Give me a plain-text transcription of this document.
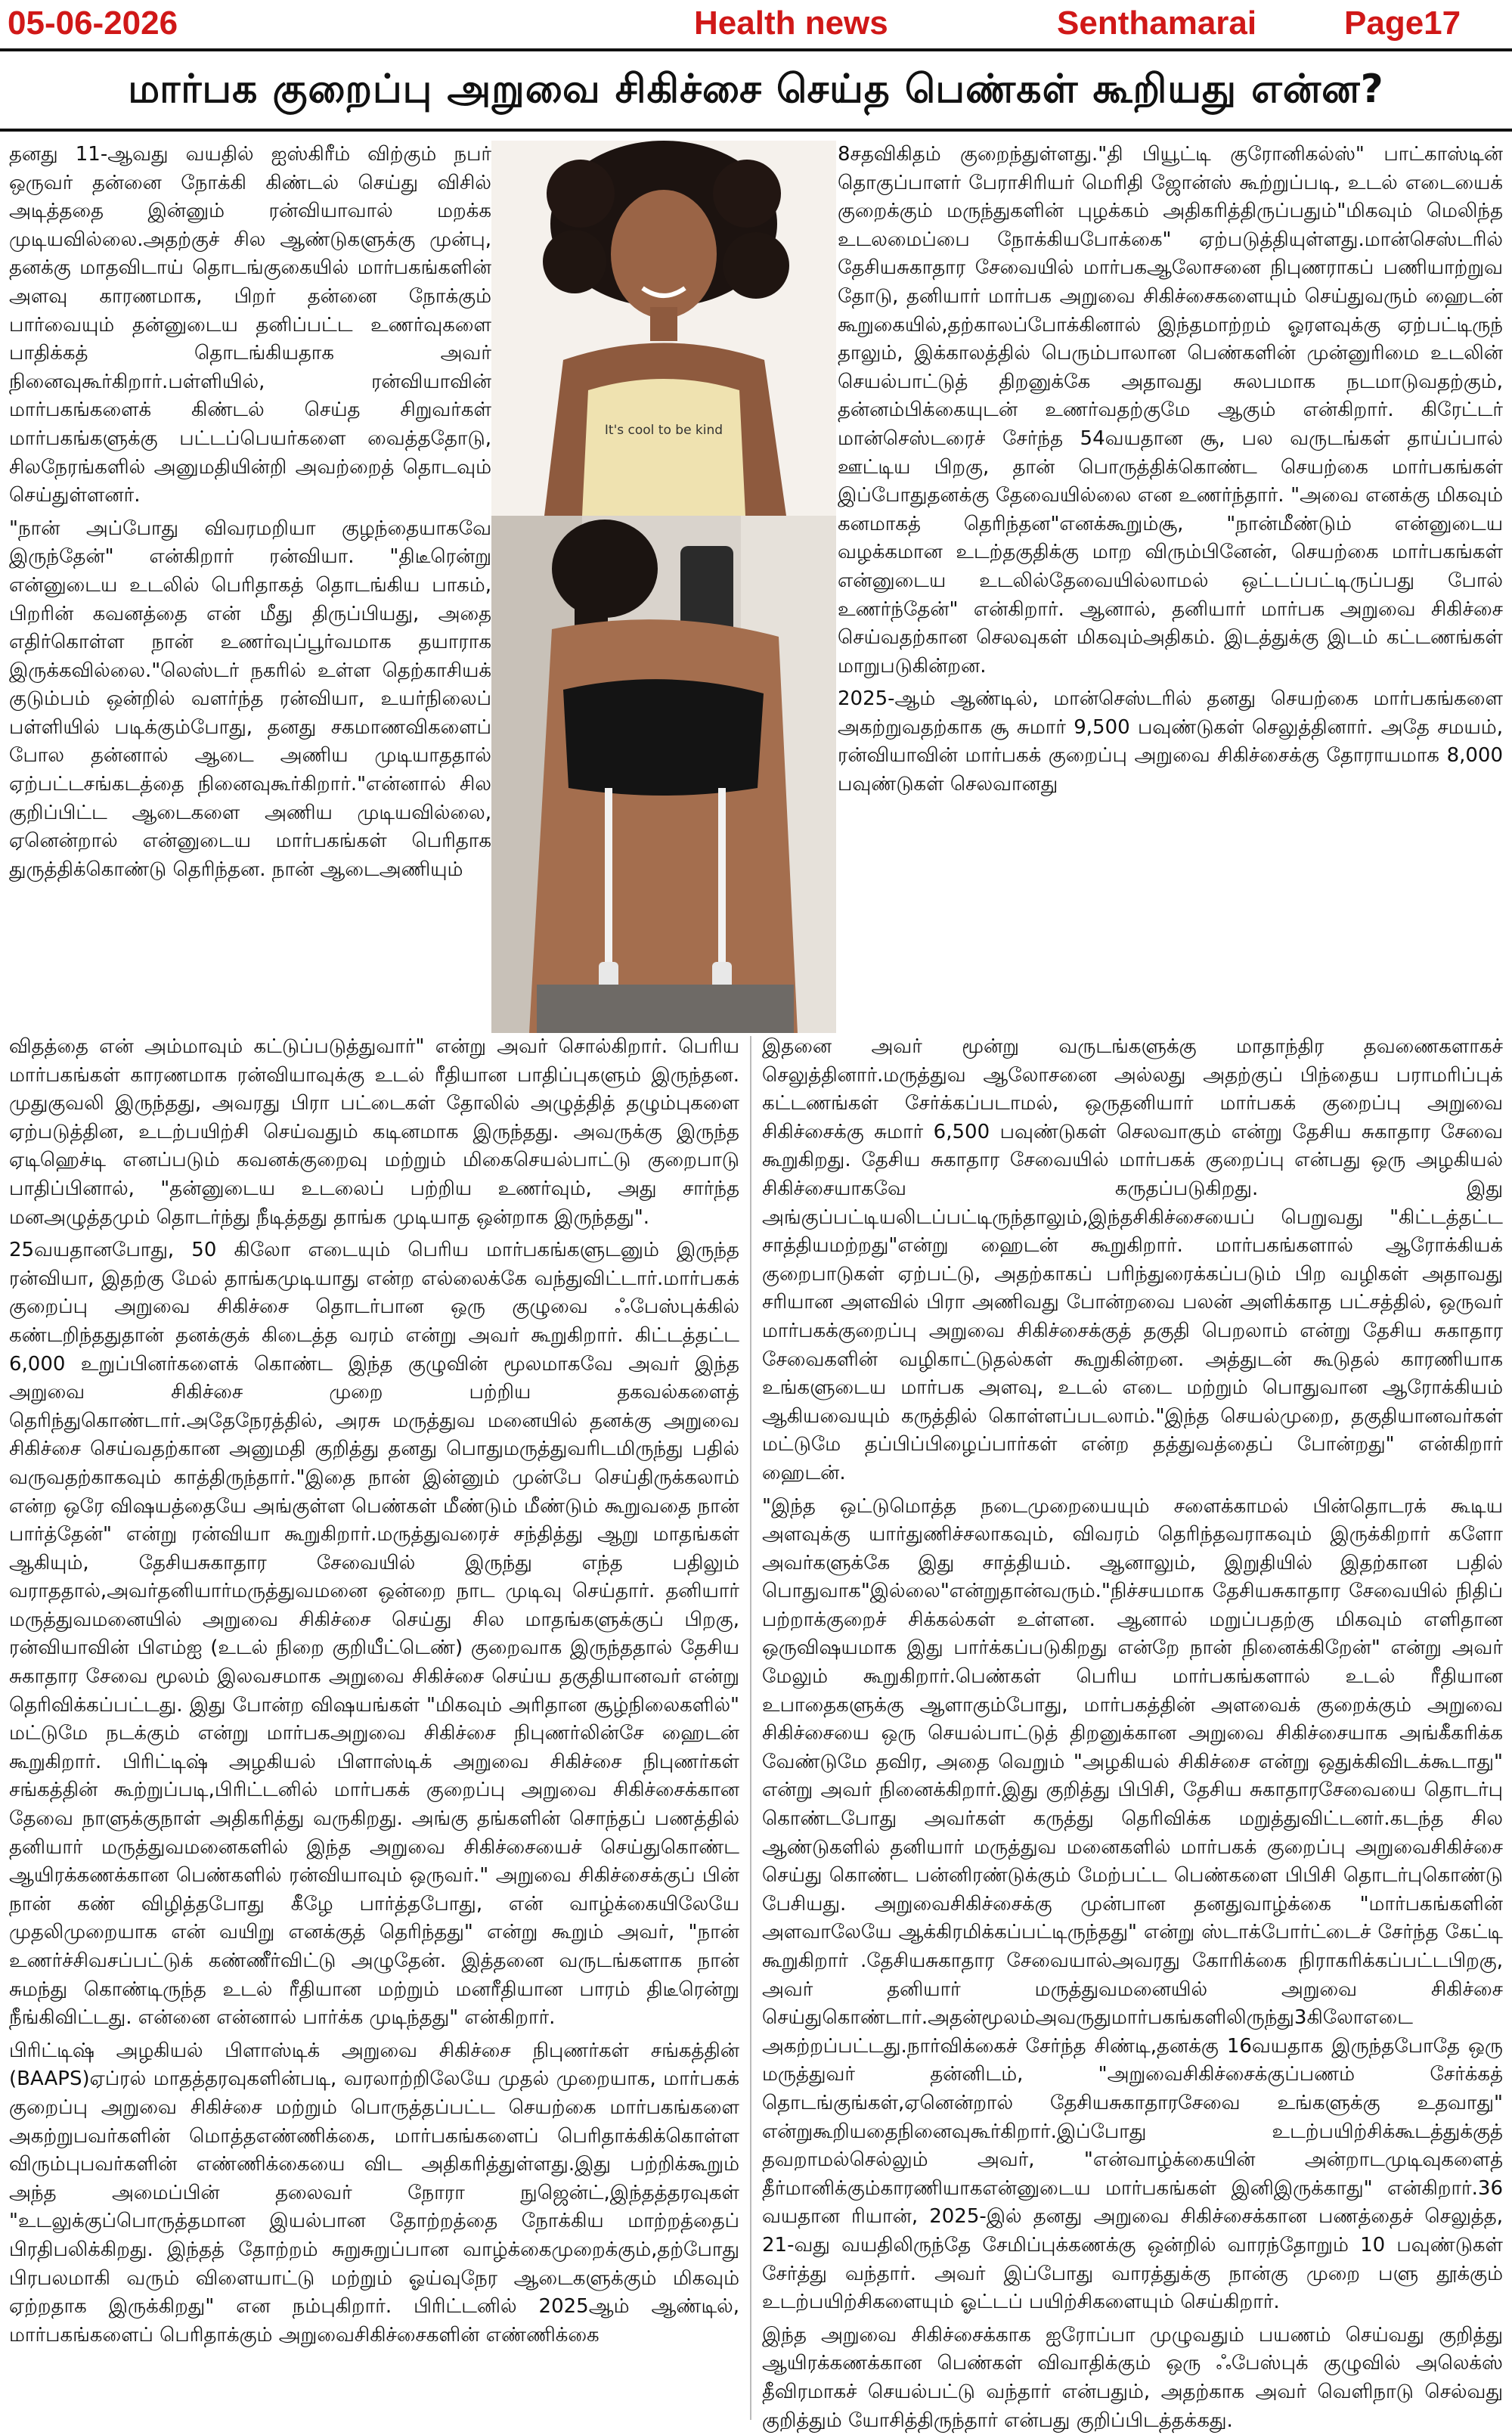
05-06-2026	Health news	Senthamarai	Page17
மார்பக குறைப்பு அறுவை சிகிச்சை செய்த பெண்கள் கூறியது என்ன?

தனது 11-ஆவது வயதில் ஐஸ்கிரீம் விற்கும் நபர் ஒருவர் தன்னை நோக்கி கிண்டல் செய்து விசில் அடித்ததை இன்னும் ரன்வியாவால் மறக்க முடியவில்லை.அதற்குச் சில ஆண்டுகளுக்கு முன்பு, தனக்கு மாதவிடாய் தொடங்குகையில் மார்பகங்களின் அளவு காரணமாக, பிறர் தன்னை நோக்கும் பார்வையும் தன்னுடைய தனிப்பட்ட உணர்வுகளை பாதிக்கத் தொடங்கியதாக அவர் நினைவுகூர்கிறார்.பள்ளியில், ரன்வியாவின் மார்பகங்களைக் கிண்டல் செய்த சிறுவர்கள் மார்பகங்களுக்கு பட்டப்பெயர்களை வைத்ததோடு, சிலநேரங்களில் அனுமதியின்றி அவற்றைத் தொடவும் செய்துள்ளனர்.

"நான் அப்போது விவரமறியா குழந்தையாகவே இருந்தேன்" என்கிறார் ரன்வியா. "திடீரென்று என்னுடைய உடலில் பெரிதாகத் தொடங்கிய பாகம், பிறரின் கவனத்தை என் மீது திருப்பியது, அதை எதிர்கொள்ள நான் உணர்வுப்பூர்வமாக தயாராக இருக்கவில்லை."லெஸ்டர் நகரில் உள்ள தெற்காசியக் குடும்பம் ஒன்றில் வளர்ந்த ரன்வியா, உயர்நிலைப் பள்ளியில் படிக்கும்போது, தனது சகமாணவிகளைப் போல தன்னால் ஆடை அணிய முடியாததால் ஏற்பட்டசங்கடத்தை நினைவுகூர்கிறார்."என்னால் சில குறிப்பிட்ட ஆடைகளை அணிய முடியவில்லை, ஏனென்றால் என்னுடைய மார்பகங்கள் பெரிதாக துருத்திக்கொண்டு தெரிந்தன. நான் ஆடைஅணியும்

It's cool to be kind

8சதவிகிதம் குறைந்துள்ளது."தி பியூட்டி குரோனிகல்ஸ்" பாட்காஸ்டின் தொகுப்பாளர் பேராசிரியர் மெரிதி ஜோன்ஸ் கூற்றுப்படி, உடல் எடையைக் குறைக்கும் மருந்துகளின் புழக்கம் அதிகரித்திருப்பதும்"மிகவும் மெலிந்த உடலமைப்பை நோக்கியபோக்கை" ஏற்படுத்தியுள்ளது.மான்செஸ்டரில் தேசியசுகாதார சேவையில் மார்பகஆலோசனை நிபுணராகப் பணியாற்றுவ தோடு, தனியார் மார்பக அறுவை சிகிச்சைகளையும் செய்துவரும் ஹைடன் கூறுகையில்,தற்காலப்போக்கினால் இந்தமாற்றம் ஓரளவுக்கு ஏற்பட்டிருந் தாலும், இக்காலத்தில் பெரும்பாலான பெண்களின் முன்னுரிமை உடலின் செயல்பாட்டுத் திறனுக்கே அதாவது சுலபமாக நடமாடுவதற்கும், தன்னம்பிக்கையுடன் உணர்வதற்குமே ஆகும் என்கிறார். கிரேட்டர் மான்செஸ்டரைச் சேர்ந்த 54வயதான சூ, பல வருடங்கள் தாய்ப்பால் ஊட்டிய பிறகு, தான் பொருத்திக்கொண்ட செயற்கை மார்பகங்கள் இப்போதுதனக்கு தேவையில்லை என உணர்ந்தார். "அவை எனக்கு மிகவும் கனமாகத் தெரிந்தன"எனக்கூறும்சூ, "நான்மீண்டும் என்னுடைய வழக்கமான உடற்தகுதிக்கு மாற விரும்பினேன், செயற்கை மார்பகங்கள் என்னுடைய உடலில்தேவையில்லாமல் ஒட்டப்பட்டிருப்பது போல் உணர்ந்தேன்" என்கிறார். ஆனால், தனியார் மார்பக அறுவை சிகிச்சை செய்வதற்கான செலவுகள் மிகவும்அதிகம். இடத்துக்கு இடம் கட்டணங்கள் மாறுபடுகின்றன.

2025-ஆம் ஆண்டில், மான்செஸ்டரில் தனது செயற்கை மார்பகங்களை அகற்றுவதற்காக சூ சுமார் 9,500 பவுண்டுகள் செலுத்தினார். அதே சமயம், ரன்வியாவின் மார்பகக் குறைப்பு அறுவை சிகிச்சைக்கு தோராயமாக 8,000 பவுண்டுகள் செலவானது

விதத்தை என் அம்மாவும் கட்டுப்படுத்துவார்" என்று அவர் சொல்கிறார். பெரிய மார்பகங்கள் காரணமாக ரன்வியாவுக்கு உடல் ரீதியான பாதிப்புகளும் இருந்தன. முதுகுவலி இருந்தது, அவரது பிரா பட்டைகள் தோலில் அழுத்தித் தழும்புகளை ஏற்படுத்தின, உடற்பயிற்சி செய்வதும் கடினமாக இருந்தது. அவருக்கு இருந்த ஏடிஹெச்டி எனப்படும் கவனக்குறைவு மற்றும் மிகைசெயல்பாட்டு குறைபாடு பாதிப்பினால், "தன்னுடைய உடலைப் பற்றிய உணர்வும், அது சார்ந்த மனஅழுத்தமும் தொடர்ந்து நீடித்தது தாங்க முடியாத ஒன்றாக இருந்தது".

25வயதானபோது, 50 கிலோ எடையும் பெரிய மார்பகங்களுடனும் இருந்த ரன்வியா, இதற்கு மேல் தாங்கமுடியாது என்ற எல்லைக்கே வந்துவிட்டார்.மார்பகக் குறைப்பு அறுவை சிகிச்சை தொடர்பான ஒரு குழுவை ஃபேஸ்புக்கில் கண்டறிந்ததுதான் தனக்குக் கிடைத்த வரம் என்று அவர் கூறுகிறார். கிட்டத்தட்ட 6,000 உறுப்பினர்களைக் கொண்ட இந்த குழுவின் மூலமாகவே அவர் இந்த அறுவை சிகிச்சை முறை பற்றிய தகவல்களைத் தெரிந்துகொண்டார்.அதேநேரத்தில், அரசு மருத்துவ மனையில் தனக்கு அறுவை சிகிச்சை செய்வதற்கான அனுமதி குறித்து தனது பொதுமருத்துவரிடமிருந்து பதில் வருவதற்காகவும் காத்திருந்தார்."இதை நான் இன்னும் முன்பே செய்திருக்கலாம் என்ற ஒரே விஷயத்தையே அங்குள்ள பெண்கள் மீண்டும் மீண்டும் கூறுவதை நான் பார்த்தேன்" என்று ரன்வியா கூறுகிறார்.மருத்துவரைச் சந்தித்து ஆறு மாதங்கள் ஆகியும், தேசியசுகாதார சேவையில் இருந்து எந்த பதிலும் வராததால்,அவர்தனியார்மருத்துவமனை ஒன்றை நாட முடிவு செய்தார். தனியார் மருத்துவமனையில் அறுவை சிகிச்சை செய்து சில மாதங்களுக்குப் பிறகு, ரன்வியாவின் பிஎம்ஐ (உடல் நிறை குறியீட்டெண்) குறைவாக இருந்ததால் தேசிய சுகாதார சேவை மூலம் இலவசமாக அறுவை சிகிச்சை செய்ய தகுதியானவர் என்று தெரிவிக்கப்பட்டது. இது போன்ற விஷயங்கள் "மிகவும் அரிதான சூழ்நிலைகளில்" மட்டுமே நடக்கும் என்று மார்பகஅறுவை சிகிச்சை நிபுணர்லின்சே ஹைடன் கூறுகிறார். பிரிட்டிஷ் அழகியல் பிளாஸ்டிக் அறுவை சிகிச்சை நிபுணர்கள் சங்கத்தின் கூற்றுப்படி,பிரிட்டனில் மார்பகக் குறைப்பு அறுவை சிகிச்சைக்கான தேவை நாளுக்குநாள் அதிகரித்து வருகிறது. அங்கு தங்களின் சொந்தப் பணத்தில் தனியார் மருத்துவமனைகளில் இந்த அறுவை சிகிச்சையைச் செய்துகொண்ட ஆயிரக்கணக்கான பெண்களில் ரன்வியாவும் ஒருவர்." அறுவை சிகிச்சைக்குப் பின் நான் கண் விழித்தபோது கீழே பார்த்தபோது, என் வாழ்க்கையிலேயே முதலிமுறையாக என் வயிறு எனக்குத் தெரிந்தது" என்று கூறும் அவர், "நான் உணர்ச்சிவசப்பட்டுக் கண்ணீர்விட்டு அழுதேன். இத்தனை வருடங்களாக நான் சுமந்து கொண்டிருந்த உடல் ரீதியான மற்றும் மனரீதியான பாரம் திடீரென்று நீங்கிவிட்டது. என்னை என்னால் பார்க்க முடிந்தது" என்கிறார்.

பிரிட்டிஷ் அழகியல் பிளாஸ்டிக் அறுவை சிகிச்சை நிபுணர்கள் சங்கத்தின் (BAAPS)ஏப்ரல் மாதத்தரவுகளின்படி, வரலாற்றிலேயே முதல் முறையாக, மார்பகக் குறைப்பு அறுவை சிகிச்சை மற்றும் பொருத்தப்பட்ட செயற்கை மார்பகங்களை அகற்றுபவர்களின் மொத்தஎண்ணிக்கை, மார்பகங்களைப் பெரிதாக்கிக்கொள்ள விரும்புபவர்களின் எண்ணிக்கையை விட அதிகரித்துள்ளது.இது பற்றிக்கூறும் அந்த அமைப்பின் தலைவர் நோரா நுஜென்ட்,இந்தத்தரவுகள் "உடலுக்குப்பொருத்தமான இயல்பான தோற்றத்தை நோக்கிய மாற்றத்தைப் பிரதிபலிக்கிறது. இந்தத் தோற்றம் சுறுசுறுப்பான வாழ்க்கைமுறைக்கும்,தற்போது பிரபலமாகி வரும் விளையாட்டு மற்றும் ஓய்வுநேர ஆடைகளுக்கும் மிகவும் ஏற்றதாக இருக்கிறது" என நம்புகிறார். பிரிட்டனில் 2025ஆம் ஆண்டில், மார்பகங்களைப் பெரிதாக்கும் அறுவைசிகிச்சைகளின் எண்ணிக்கை

இதனை அவர் மூன்று வருடங்களுக்கு மாதாந்திர தவணைகளாகச் செலுத்தினார்.மருத்துவ ஆலோசனை அல்லது அதற்குப் பிந்தைய பராமரிப்புக் கட்டணங்கள் சேர்க்கப்படாமல், ஒருதனியார் மார்பகக் குறைப்பு அறுவை சிகிச்சைக்கு சுமார் 6,500 பவுண்டுகள் செலவாகும் என்று தேசிய சுகாதார சேவை கூறுகிறது. தேசிய சுகாதார சேவையில் மார்பகக் குறைப்பு என்பது ஒரு அழகியல் சிகிச்சையாகவே கருதப்படுகிறது. இது அங்குப்பட்டியலிடப்பட்டிருந்தாலும்,இந்தசிகிச்சையைப் பெறுவது "கிட்டத்தட்ட சாத்தியமற்றது"என்று ஹைடன் கூறுகிறார். மார்பகங்களால் ஆரோக்கியக் குறைபாடுகள் ஏற்பட்டு, அதற்காகப் பரிந்துரைக்கப்படும் பிற வழிகள் அதாவது சரியான அளவில் பிரா அணிவது போன்றவை பலன் அளிக்காத பட்சத்தில், ஒருவர் மார்பகக்குறைப்பு அறுவை சிகிச்சைக்குத் தகுதி பெறலாம் என்று தேசிய சுகாதார சேவைகளின் வழிகாட்டுதல்கள் கூறுகின்றன. அத்துடன் கூடுதல் காரணியாக உங்களுடைய மார்பக அளவு, உடல் எடை மற்றும் பொதுவான ஆரோக்கியம் ஆகியவையும் கருத்தில் கொள்ளப்படலாம்."இந்த செயல்முறை, தகுதியானவர்கள் மட்டுமே தப்பிப்பிழைப்பார்கள் என்ற தத்துவத்தைப் போன்றது" என்கிறார் ஹைடன்.

"இந்த ஒட்டுமொத்த நடைமுறையையும் சளைக்காமல் பின்தொடரக் கூடிய அளவுக்கு யார்துணிச்சலாகவும், விவரம் தெரிந்தவராகவும் இருக்கிறார் களோ அவர்களுக்கே இது சாத்தியம். ஆனாலும், இறுதியில் இதற்கான பதில் பொதுவாக"இல்லை"என்றுதான்வரும்."நிச்சயமாக தேசியசுகாதார சேவையில் நிதிப் பற்றாக்குறைச் சிக்கல்கள் உள்ளன. ஆனால் மறுப்பதற்கு மிகவும் எளிதான ஒருவிஷயமாக இது பார்க்கப்படுகிறது என்றே நான் நினைக்கிறேன்" என்று அவர் மேலும் கூறுகிறார்.பெண்கள் பெரிய மார்பகங்களால் உடல் ரீதியான உபாதைகளுக்கு ஆளாகும்போது, மார்பகத்தின் அளவைக் குறைக்கும் அறுவை சிகிச்சையை ஒரு செயல்பாட்டுத் திறனுக்கான அறுவை சிகிச்சையாக அங்கீகரிக்க வேண்டுமே தவிர, அதை வெறும் "அழகியல் சிகிச்சை என்று ஒதுக்கிவிடக்கூடாது" என்று அவர் நினைக்கிறார்.இது குறித்து பிபிசி, தேசிய சுகாதாரசேவையை தொடர்பு கொண்டபோது அவர்கள் கருத்து தெரிவிக்க மறுத்துவிட்டனர்.கடந்த சில ஆண்டுகளில் தனியார் மருத்துவ மனைகளில் மார்பகக் குறைப்பு அறுவைசிகிச்சை செய்து கொண்ட பன்னிரண்டுக்கும் மேற்பட்ட பெண்களை பிபிசி தொடர்புகொண்டு பேசியது. அறுவைசிகிச்சைக்கு முன்பான தனதுவாழ்க்கை "மார்பகங்களின் அளவாலேயே ஆக்கிரமிக்கப்பட்டிருந்தது" என்று ஸ்டாக்போர்ட்டைச் சேர்ந்த கேட்டி கூறுகிறார் .தேசியசுகாதார சேவையால்அவரது கோரிக்கை நிராகரிக்கப்பட்டபிறகு, அவர் தனியார் மருத்துவமனையில் அறுவை சிகிச்சை செய்துகொண்டார்.அதன்மூலம்அவருதுமார்பகங்களிலிருந்து3கிலோஎடை அகற்றப்பட்டது.நார்விக்கைச் சேர்ந்த சிண்டி,தனக்கு 16வயதாக இருந்தபோதே ஒரு மருத்துவர் தன்னிடம், "அறுவைசிகிச்சைக்குப்பணம் சேர்க்கத் தொடங்குங்கள்,ஏனென்றால் தேசியசுகாதாரசேவை உங்களுக்கு உதவாது" என்றுகூறியதைநினைவுகூர்கிறார்.இப்போது உடற்பயிற்சிக்கூடத்துக்குத் தவறாமல்செல்லும் அவர், "என்வாழ்க்கையின் அன்றாடமுடிவுகளைத் தீர்மானிக்கும்காரணியாகஎன்னுடைய மார்பகங்கள் இனிஇருக்காது" என்கிறார்.36 வயதான ரியான், 2025-இல் தனது அறுவை சிகிச்சைக்கான பணத்தைச் செலுத்த, 21-வது வயதிலிருந்தே சேமிப்புக்கணக்கு ஒன்றில் வாரந்தோறும் 10 பவுண்டுகள் சேர்த்து வந்தார். அவர் இப்போது வாரத்துக்கு நான்கு முறை பளு தூக்கும் உடற்பயிற்சிகளையும் ஓட்டப் பயிற்சிகளையும் செய்கிறார்.

இந்த அறுவை சிகிச்சைக்காக ஐரோப்பா முழுவதும் பயணம் செய்வது குறித்து ஆயிரக்கணக்கான பெண்கள் விவாதிக்கும் ஒரு ஃபேஸ்புக் குழுவில் அலெக்ஸ் தீவிரமாகச் செயல்பட்டு வந்தார் என்பதும், அதற்காக அவர் வெளிநாடு செல்வது குறித்தும் யோசித்திருந்தார் என்பது குறிப்பிடத்தக்கது.
